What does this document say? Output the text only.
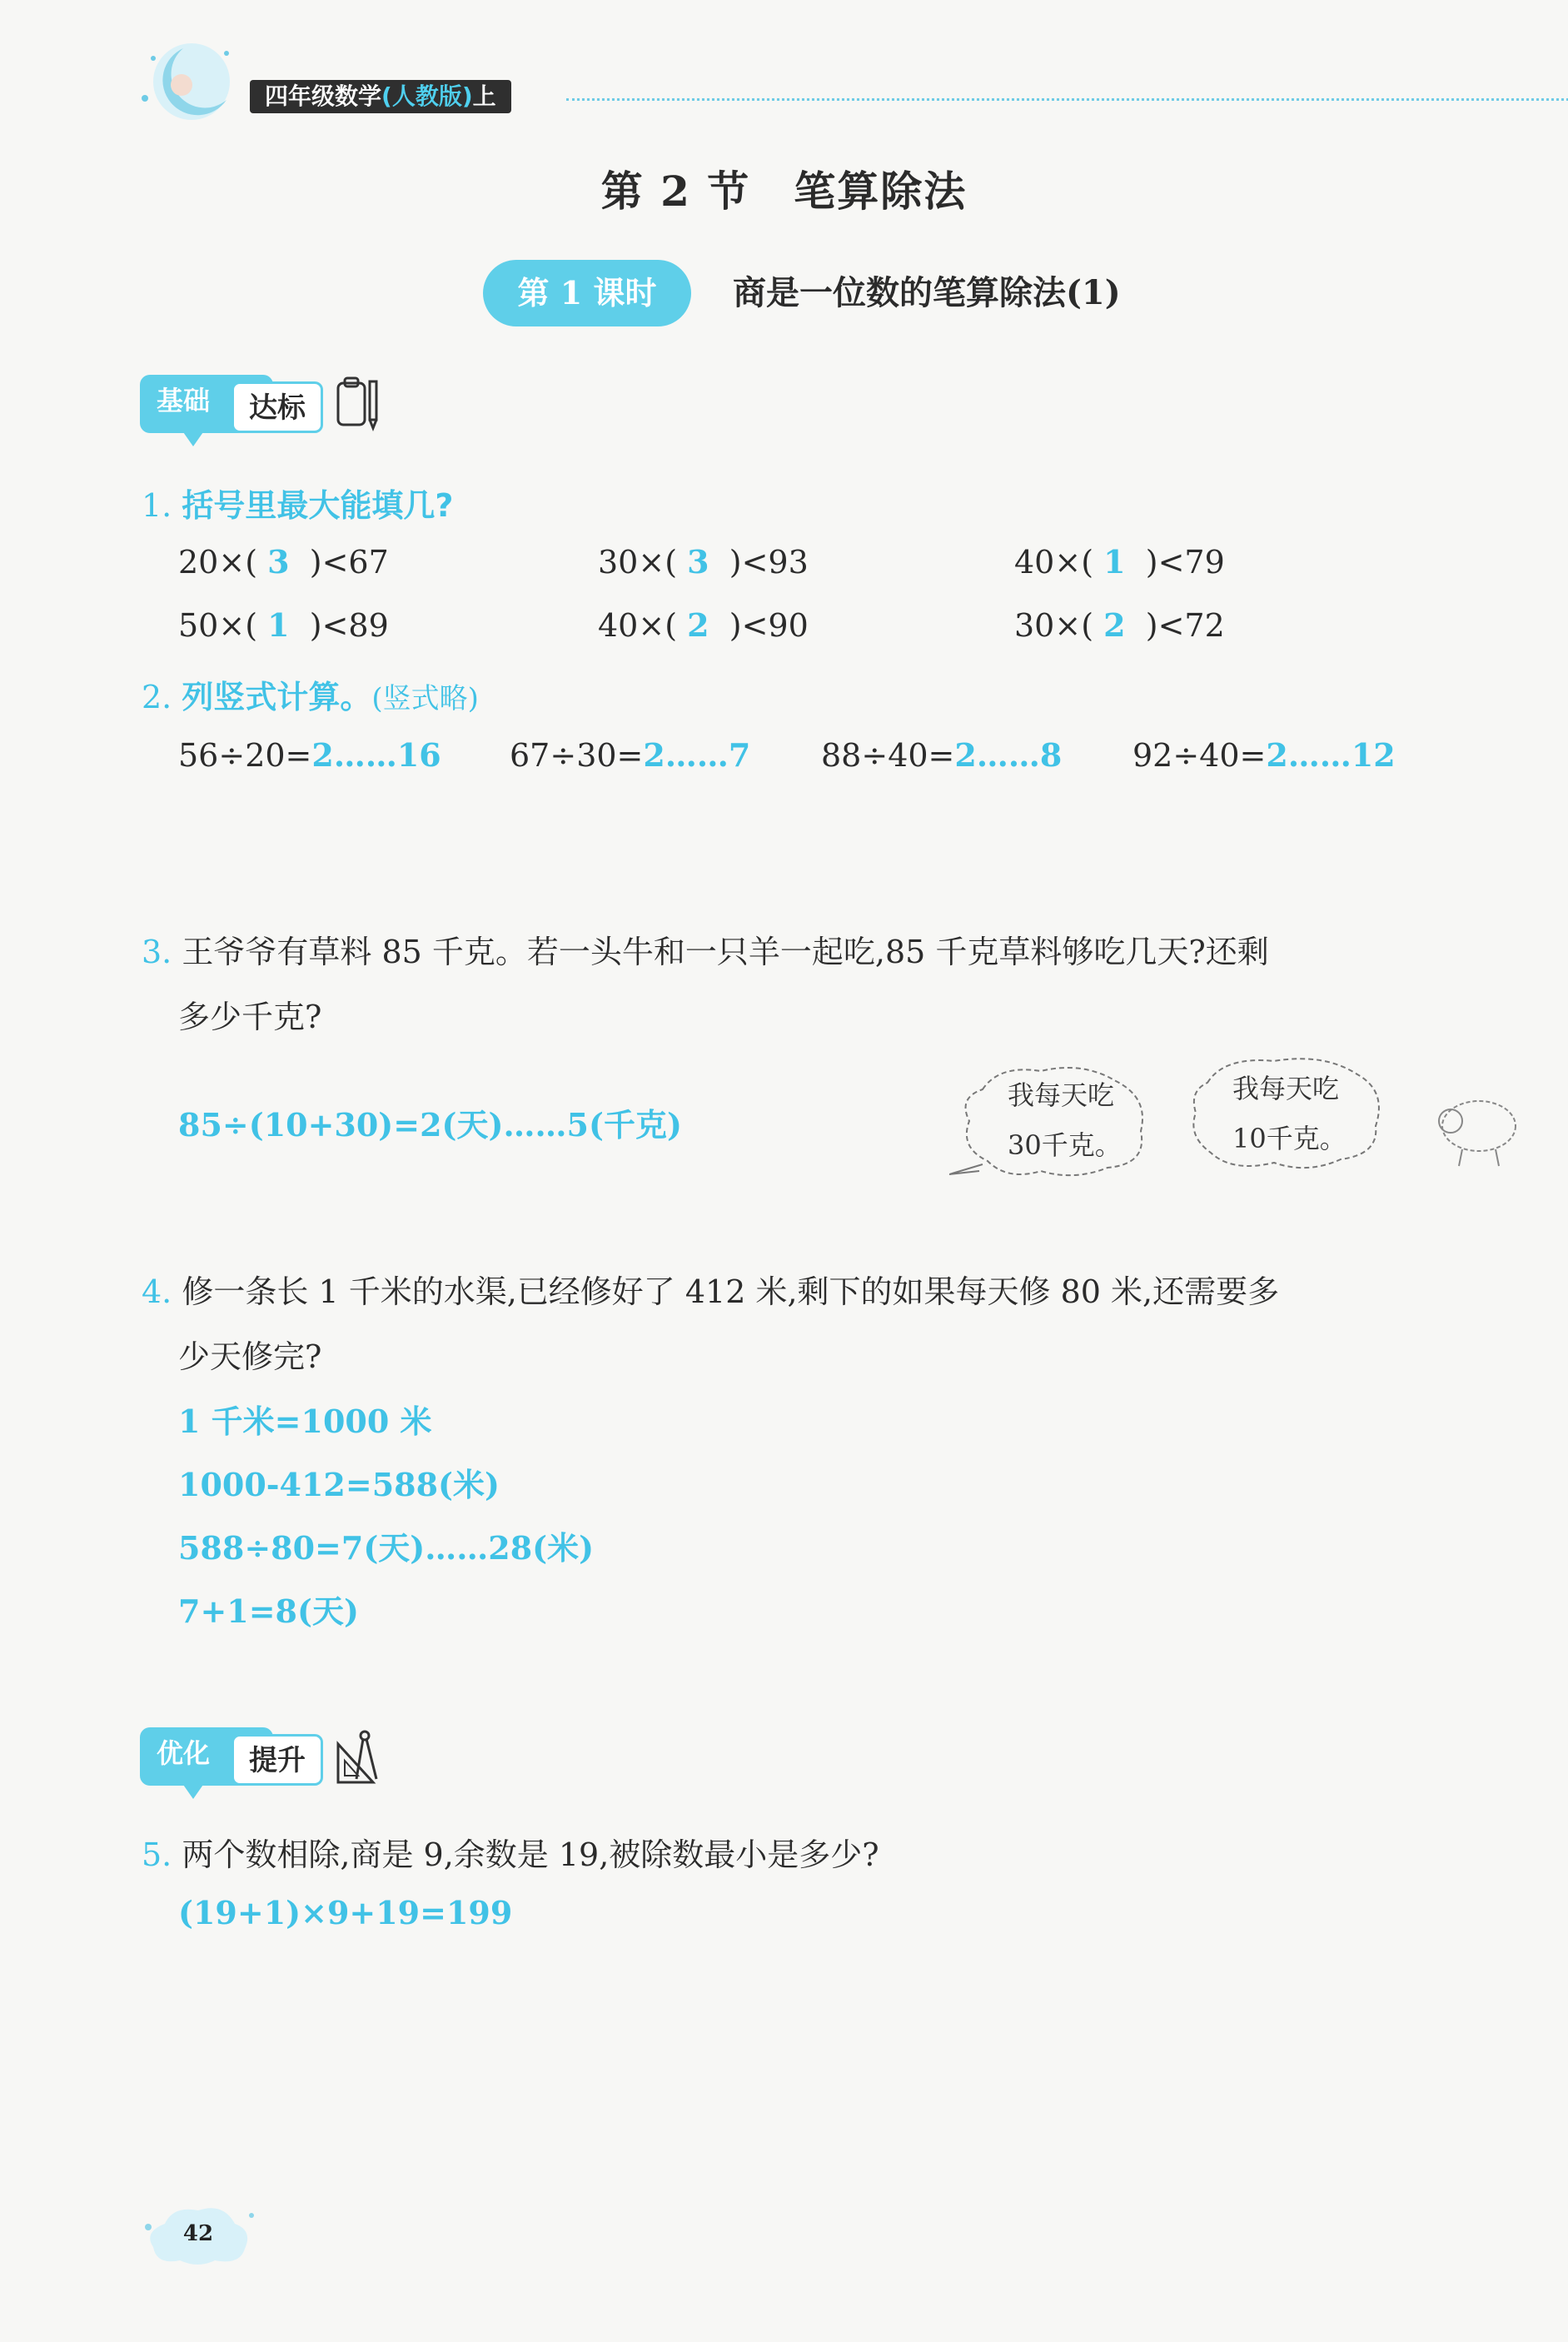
四年级数学(人教版)上
第 2 节　笔算除法
第 1 课时	商是一位数的笔算除法(1)
基础	达标
1. 括号里最大能填几?
20×( 3 )<67	30×( 3 )<93	40×( 1 )<79
50×( 1 )<89	40×( 2 )<90	30×( 2 )<72
2. 列竖式计算。(竖式略)
56÷20=2……16 67÷30=2……7 88÷40=2……8 92÷40=2……12
3. 王爷爷有草料 85 千克。若一头牛和一只羊一起吃,85 千克草料够吃几天?还剩
多少千克?
85÷(10+30)=2(天)……5(千克)
我每天吃
30千克。
我每天吃
10千克。
4. 修一条长 1 千米的水渠,已经修好了 412 米,剩下的如果每天修 80 米,还需要多
少天修完?
1 千米=1000 米
1000-412=588(米)
588÷80=7(天)……28(米)
7+1=8(天)
优化	提升
5. 两个数相除,商是 9,余数是 19,被除数最小是多少?
(19+1)×9+19=199
42
